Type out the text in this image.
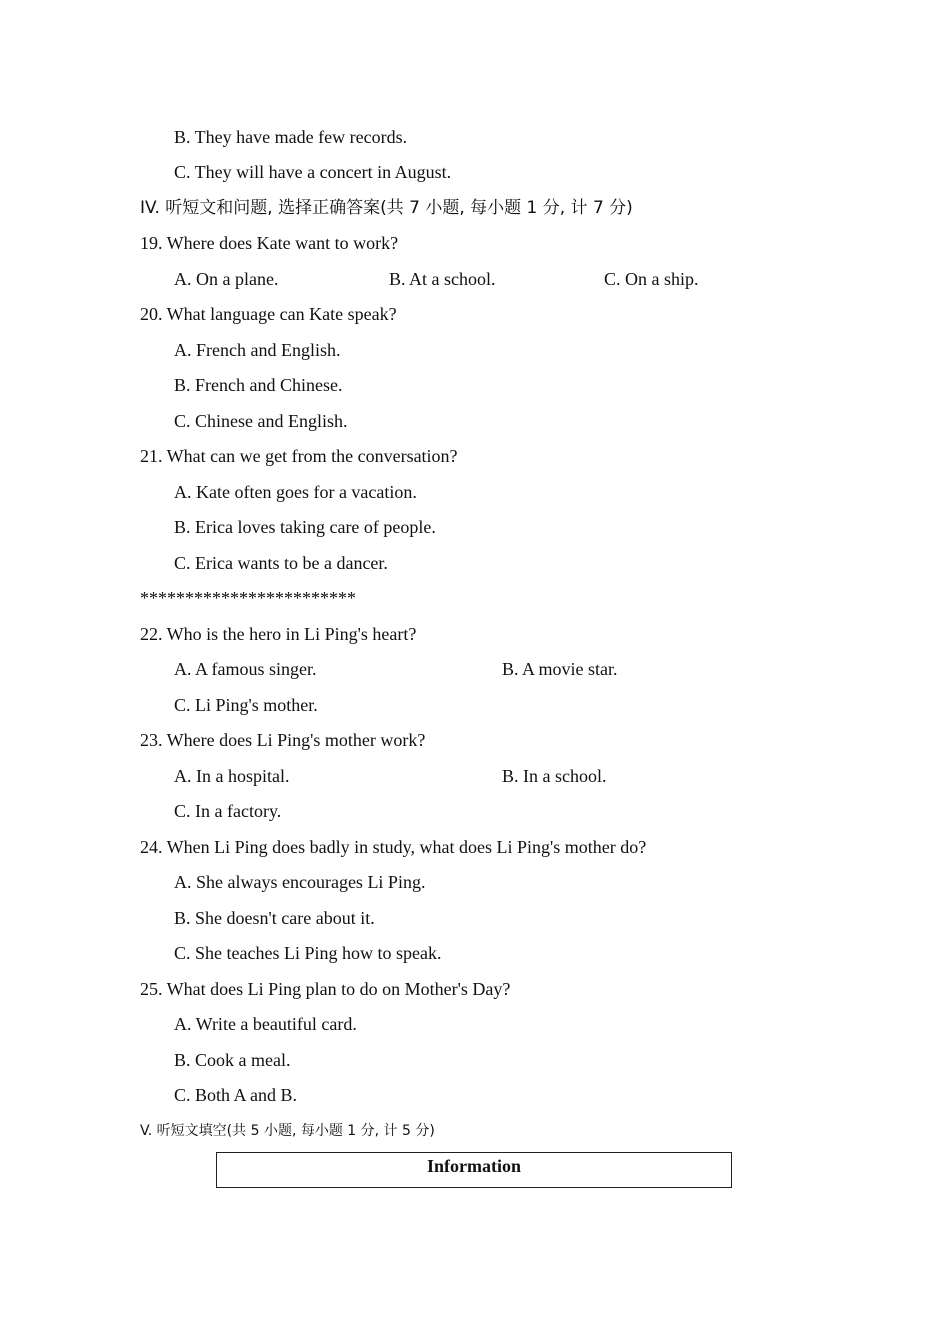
B. They have made few records.
C. They will have a concert in August.
IV. 听短文和问题, 选择正确答案(共 7 小题, 每小题 1 分, 计 7 分)
19. Where does Kate want to work?
A. On a plane.	B. At a school.	C. On a ship.
20. What language can Kate speak?
A. French and English.
B. French and Chinese.
C. Chinese and English.
21. What can we get from the conversation?
A. Kate often goes for a vacation.
B. Erica loves taking care of people.
C. Erica wants to be a dancer.
************************
22. Who is the hero in Li Ping's heart?
A. A famous singer.	B. A movie star.
C. Li Ping's mother.
23. Where does Li Ping's mother work?
A. In a hospital.	B. In a school.
C. In a factory.
24. When Li Ping does badly in study, what does Li Ping's mother do?
A. She always encourages Li Ping.
B. She doesn't care about it.
C. She teaches Li Ping how to speak.
25. What does Li Ping plan to do on Mother's Day?
A. Write a beautiful card.
B. Cook a meal.
C. Both A and B.
V. 听短文填空(共 5 小题, 每小题 1 分, 计 5 分)
Information
